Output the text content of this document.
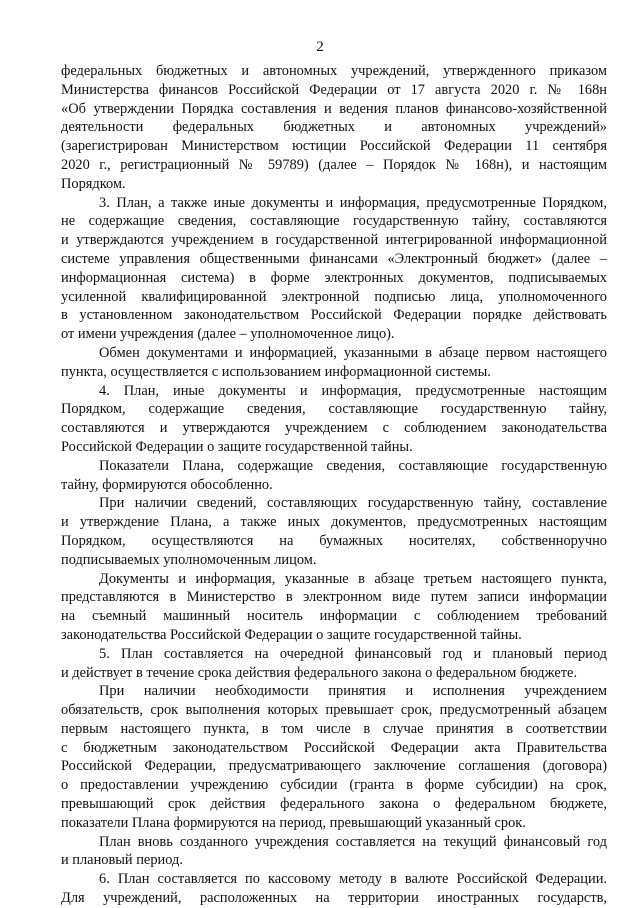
2
федеральных бюджетных и автономных учреждений, утвержденного приказом
Министерства финансов Российской Федерации от 17 августа 2020 г. № 168н
«Об утверждении Порядка составления и ведения планов финансово-хозяйственной
деятельности федеральных бюджетных и автономных учреждений»
(зарегистрирован Министерством юстиции Российской Федерации 11 сентября
2020 г., регистрационный № 59789) (далее – Порядок № 168н), и настоящим
Порядком.
3. План, а также иные документы и информация, предусмотренные Порядком,
не содержащие сведения, составляющие государственную тайну, составляются
и утверждаются учреждением в государственной интегрированной информационной
системе управления общественными финансами «Электронный бюджет» (далее –
информационная система) в форме электронных документов, подписываемых
усиленной квалифицированной электронной подписью лица, уполномоченного
в установленном законодательством Российской Федерации порядке действовать
от имени учреждения (далее – уполномоченное лицо).
Обмен документами и информацией, указанными в абзаце первом настоящего
пункта, осуществляется с использованием информационной системы.
4. План, иные документы и информация, предусмотренные настоящим
Порядком, содержащие сведения, составляющие государственную тайну,
составляются и утверждаются учреждением с соблюдением законодательства
Российской Федерации о защите государственной тайны.
Показатели Плана, содержащие сведения, составляющие государственную
тайну, формируются обособленно.
При наличии сведений, составляющих государственную тайну, составление
и утверждение Плана, а также иных документов, предусмотренных настоящим
Порядком, осуществляются на бумажных носителях, собственноручно
подписываемых уполномоченным лицом.
Документы и информация, указанные в абзаце третьем настоящего пункта,
представляются в Министерство в электронном виде путем записи информации
на съемный машинный носитель информации с соблюдением требований
законодательства Российской Федерации о защите государственной тайны.
5. План составляется на очередной финансовый год и плановый период
и действует в течение срока действия федерального закона о федеральном бюджете.
При наличии необходимости принятия и исполнения учреждением
обязательств, срок выполнения которых превышает срок, предусмотренный абзацем
первым настоящего пункта, в том числе в случае принятия в соответствии
с бюджетным законодательством Российской Федерации акта Правительства
Российской Федерации, предусматривающего заключение соглашения (договора)
о предоставлении учреждению субсидии (гранта в форме субсидии) на срок,
превышающий срок действия федерального закона о федеральном бюджете,
показатели Плана формируются на период, превышающий указанный срок.
План вновь созданного учреждения составляется на текущий финансовый год
и плановый период.
6. План составляется по кассовому методу в валюте Российской Федерации.
Для учреждений, расположенных на территории иностранных государств,
